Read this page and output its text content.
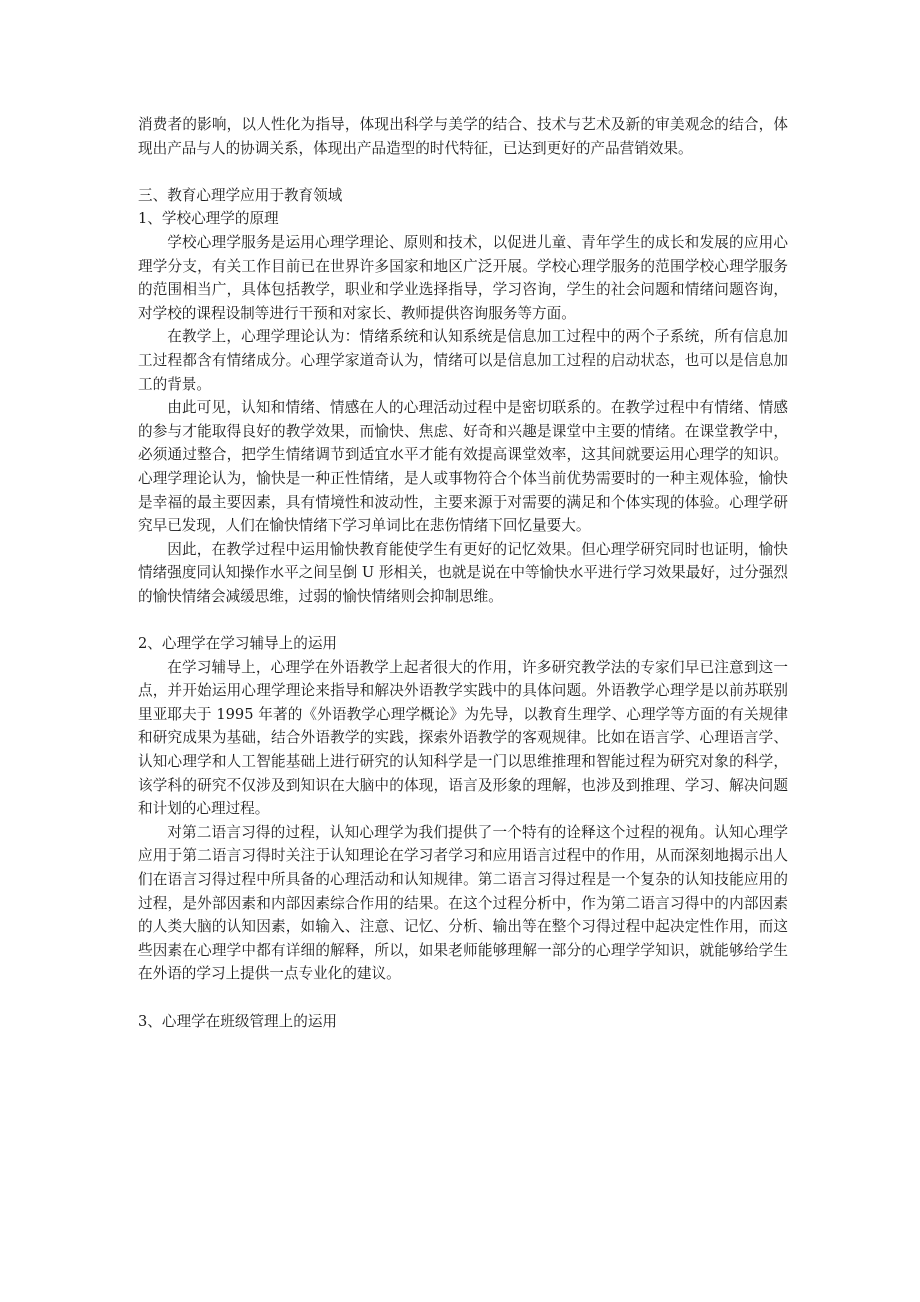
消费者的影响，以人性化为指导，体现出科学与美学的结合、技术与艺术及新的审美观念的结合，体现出产品与人的协调关系，体现出产品造型的时代特征，已达到更好的产品营销效果。

三、教育心理学应用于教育领域

1、学校心理学的原理

学校心理学服务是运用心理学理论、原则和技术，以促进儿童、青年学生的成长和发展的应用心理学分支，有关工作目前已在世界许多国家和地区广泛开展。学校心理学服务的范围学校心理学服务的范围相当广，具体包括教学，职业和学业选择指导，学习咨询，学生的社会问题和情绪问题咨询，对学校的课程设制等进行干预和对家长、教师提供咨询服务等方面。

在教学上，心理学理论认为：情绪系统和认知系统是信息加工过程中的两个子系统，所有信息加工过程都含有情绪成分。心理学家道奇认为，情绪可以是信息加工过程的启动状态，也可以是信息加工的背景。

由此可见，认知和情绪、情感在人的心理活动过程中是密切联系的。在教学过程中有情绪、情感的参与才能取得良好的教学效果，而愉快、焦虑、好奇和兴趣是课堂中主要的情绪。在课堂教学中，必须通过整合，把学生情绪调节到适宜水平才能有效提高课堂效率，这其间就要运用心理学的知识。心理学理论认为，愉快是一种正性情绪，是人或事物符合个体当前优势需要时的一种主观体验，愉快是幸福的最主要因素，具有情境性和波动性，主要来源于对需要的满足和个体实现的体验。心理学研究早已发现，人们在愉快情绪下学习单词比在悲伤情绪下回忆量要大。

因此，在教学过程中运用愉快教育能使学生有更好的记忆效果。但心理学研究同时也证明，愉快情绪强度同认知操作水平之间呈倒 U 形相关，也就是说在中等愉快水平进行学习效果最好，过分强烈的愉快情绪会减缓思维，过弱的愉快情绪则会抑制思维。

2、心理学在学习辅导上的运用

在学习辅导上，心理学在外语教学上起者很大的作用，许多研究教学法的专家们早已注意到这一点，并开始运用心理学理论来指导和解决外语教学实践中的具体问题。外语教学心理学是以前苏联别里亚耶夫于 1995 年著的《外语教学心理学概论》为先导，以教育生理学、心理学等方面的有关规律和研究成果为基础，结合外语教学的实践，探索外语教学的客观规律。比如在语言学、心理语言学、认知心理学和人工智能基础上进行研究的认知科学是一门以思维推理和智能过程为研究对象的科学，该学科的研究不仅涉及到知识在大脑中的体现，语言及形象的理解，也涉及到推理、学习、解决问题和计划的心理过程。

对第二语言习得的过程，认知心理学为我们提供了一个特有的诠释这个过程的视角。认知心理学应用于第二语言习得时关注于认知理论在学习者学习和应用语言过程中的作用，从而深刻地揭示出人们在语言习得过程中所具备的心理活动和认知规律。第二语言习得过程是一个复杂的认知技能应用的过程，是外部因素和内部因素综合作用的结果。在这个过程分析中，作为第二语言习得中的内部因素的人类大脑的认知因素，如输入、注意、记忆、分析、输出等在整个习得过程中起决定性作用，而这些因素在心理学中都有详细的解释，所以，如果老师能够理解一部分的心理学学知识，就能够给学生在外语的学习上提供一点专业化的建议。

3、心理学在班级管理上的运用
